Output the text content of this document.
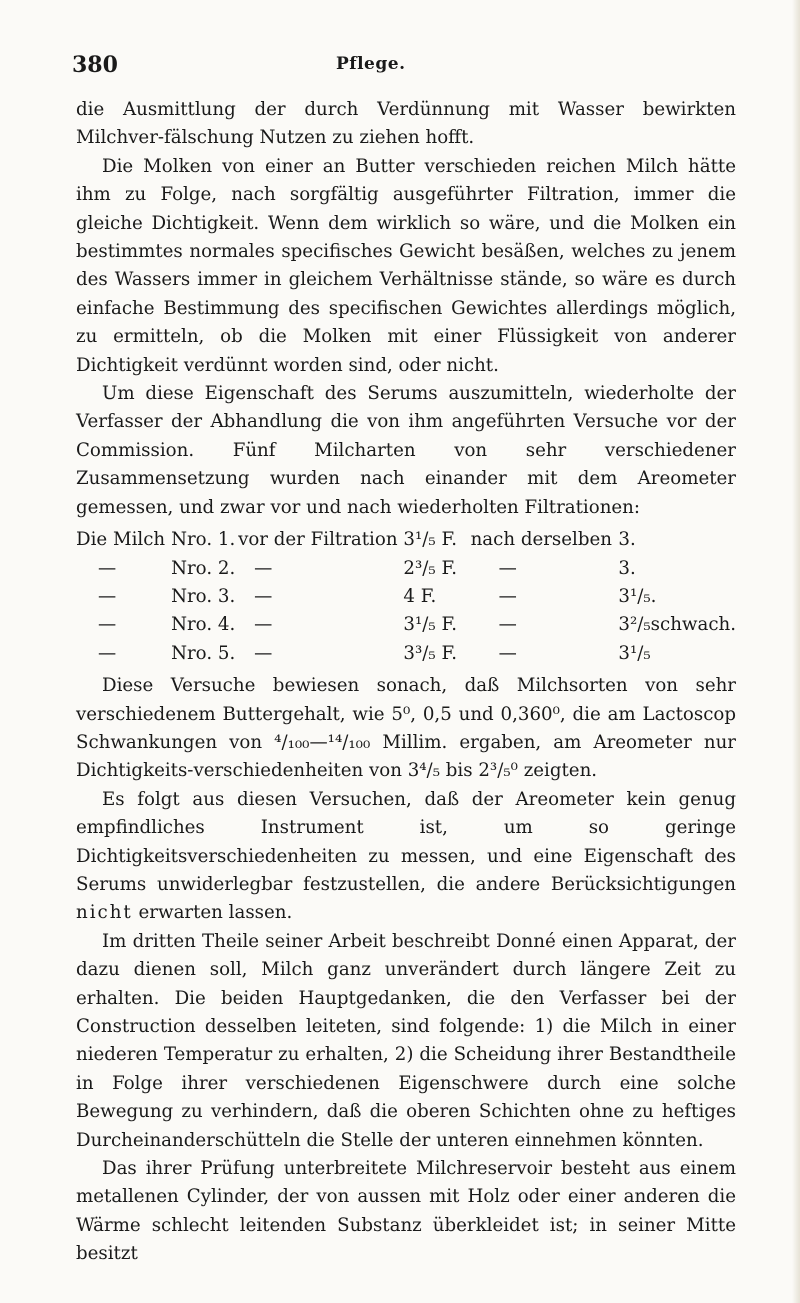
380	Pflege.

die Ausmittlung der durch Verdünnung mit Wasser bewirkten Milchver-fälschung Nutzen zu ziehen hofft.

Die Molken von einer an Butter verschieden reichen Milch hätte ihm zu Folge, nach sorgfältig ausgeführter Filtration, immer die gleiche Dichtigkeit. Wenn dem wirklich so wäre, und die Molken ein bestimmtes normales specifisches Gewicht besäßen, welches zu jenem des Wassers immer in gleichem Verhältnisse stände, so wäre es durch einfache Bestimmung des specifischen Gewichtes allerdings möglich, zu ermitteln, ob die Molken mit einer Flüssigkeit von anderer Dichtigkeit verdünnt worden sind, oder nicht.

Um diese Eigenschaft des Serums auszumitteln, wiederholte der Verfasser der Abhandlung die von ihm angeführten Versuche vor der Commission. Fünf Milcharten von sehr verschiedener Zusammensetzung wurden nach einander mit dem Areometer gemessen, und zwar vor und nach wiederholten Filtrationen:

Die Milch	Nro. 1.		vor der Filtration	3¹/₅ F.	nach derselben	3.
—	Nro. 2.		—	2³/₅ F.	—	3.
—	Nro. 3.		—	4 F.	—	3¹/₅.
—	Nro. 4.		—	3¹/₅ F.	—	3²/₅schwach.
—	Nro. 5.		—	3³/₅ F.	—	3¹/₅

Diese Versuche bewiesen sonach, daß Milchsorten von sehr verschiedenem Buttergehalt, wie 5⁰, 0,5 und 0,360⁰, die am Lactoscop Schwankungen von ⁴/₁₀₀—¹⁴/₁₀₀ Millim. ergaben, am Areometer nur Dichtigkeits-verschiedenheiten von 3⁴/₅ bis 2³/₅⁰ zeigten.

Es folgt aus diesen Versuchen, daß der Areometer kein genug empfindliches Instrument ist, um so geringe Dichtigkeitsverschiedenheiten zu messen, und eine Eigenschaft des Serums unwiderlegbar festzustellen, die andere Berücksichtigungen nicht erwarten lassen.

Im dritten Theile seiner Arbeit beschreibt Donné einen Apparat, der dazu dienen soll, Milch ganz unverändert durch längere Zeit zu erhalten. Die beiden Hauptgedanken, die den Verfasser bei der Construction desselben leiteten, sind folgende: 1) die Milch in einer niederen Temperatur zu erhalten, 2) die Scheidung ihrer Bestandtheile in Folge ihrer verschiedenen Eigenschwere durch eine solche Bewegung zu verhindern, daß die oberen Schichten ohne zu heftiges Durcheinanderschütteln die Stelle der unteren einnehmen könnten.

Das ihrer Prüfung unterbreitete Milchreservoir besteht aus einem metallenen Cylinder, der von aussen mit Holz oder einer anderen die Wärme schlecht leitenden Substanz überkleidet ist; in seiner Mitte besitzt
